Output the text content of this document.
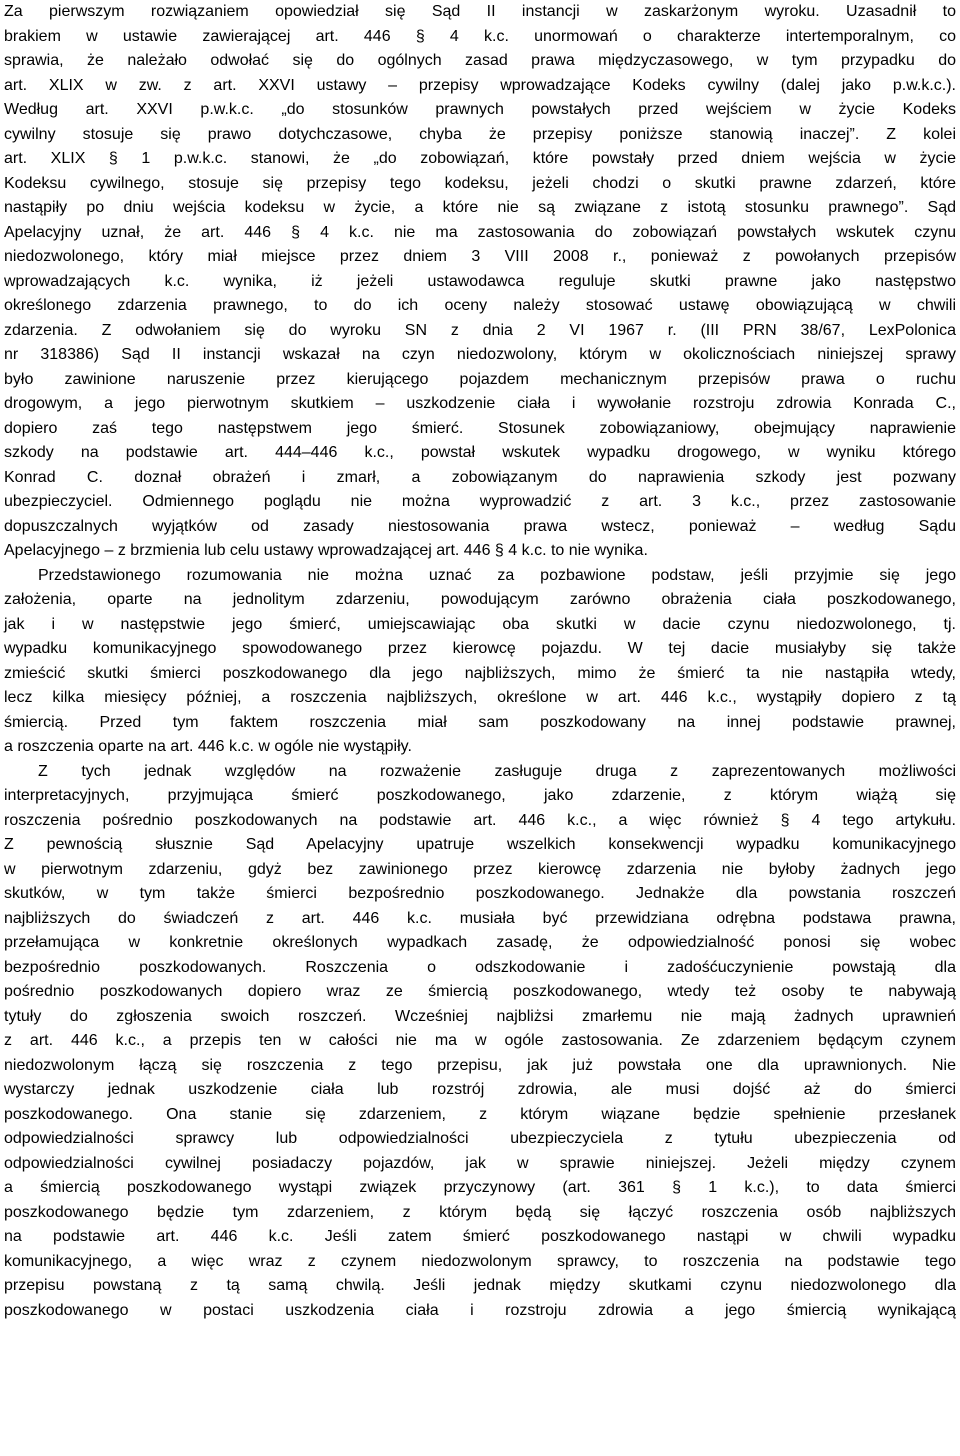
Za pierwszym rozwiązaniem opowiedział się Sąd II instancji w zaskarżonym wyroku. Uzasadnił to
brakiem w ustawie zawierającej art. 446 § 4 k.c. unormowań o charakterze intertemporalnym, co
sprawia, że należało odwołać się do ogólnych zasad prawa międzyczasowego, w tym przypadku do
art. XLIX w zw. z art. XXVI ustawy – przepisy wprowadzające Kodeks cywilny (dalej jako p.w.k.c.).
Według art. XXVI p.w.k.c. „do stosunków prawnych powstałych przed wejściem w życie Kodeks
cywilny stosuje się prawo dotychczasowe, chyba że przepisy poniższe stanowią inaczej”. Z kolei
art. XLIX § 1 p.w.k.c. stanowi, że „do zobowiązań, które powstały przed dniem wejścia w życie
Kodeksu cywilnego, stosuje się przepisy tego kodeksu, jeżeli chodzi o skutki prawne zdarzeń, które
nastąpiły po dniu wejścia kodeksu w życie, a które nie są związane z istotą stosunku prawnego”. Sąd
Apelacyjny uznał, że art. 446 § 4 k.c. nie ma zastosowania do zobowiązań powstałych wskutek czynu
niedozwolonego, który miał miejsce przez dniem 3 VIII 2008 r., ponieważ z powołanych przepisów
wprowadzających k.c. wynika, iż jeżeli ustawodawca reguluje skutki prawne jako następstwo
określonego zdarzenia prawnego, to do ich oceny należy stosować ustawę obowiązującą w chwili
zdarzenia. Z odwołaniem się do wyroku SN z dnia 2 VI 1967 r. (III PRN 38/67, LexPolonica
nr 318386) Sąd II instancji wskazał na czyn niedozwolony, którym w okolicznościach niniejszej sprawy
było zawinione naruszenie przez kierującego pojazdem mechanicznym przepisów prawa o ruchu
drogowym, a jego pierwotnym skutkiem – uszkodzenie ciała i wywołanie rozstroju zdrowia Konrada C.,
dopiero zaś tego następstwem jego śmierć. Stosunek zobowiązaniowy, obejmujący naprawienie
szkody na podstawie art. 444–446 k.c., powstał wskutek wypadku drogowego, w wyniku którego
Konrad C. doznał obrażeń i zmarł, a zobowiązanym do naprawienia szkody jest pozwany
ubezpieczyciel. Odmiennego poglądu nie można wyprowadzić z art. 3 k.c., przez zastosowanie
dopuszczalnych wyjątków od zasady niestosowania prawa wstecz, ponieważ – według Sądu
Apelacyjnego – z brzmienia lub celu ustawy wprowadzającej art. 446 § 4 k.c. to nie wynika.
Przedstawionego rozumowania nie można uznać za pozbawione podstaw, jeśli przyjmie się jego
założenia, oparte na jednolitym zdarzeniu, powodującym zarówno obrażenia ciała poszkodowanego,
jak i w następstwie jego śmierć, umiejscawiając oba skutki w dacie czynu niedozwolonego, tj.
wypadku komunikacyjnego spowodowanego przez kierowcę pojazdu. W tej dacie musiałyby się także
zmieścić skutki śmierci poszkodowanego dla jego najbliższych, mimo że śmierć ta nie nastąpiła wtedy,
lecz kilka miesięcy później, a roszczenia najbliższych, określone w art. 446 k.c., wystąpiły dopiero z tą
śmiercią. Przed tym faktem roszczenia miał sam poszkodowany na innej podstawie prawnej,
a roszczenia oparte na art. 446 k.c. w ogóle nie wystąpiły.
Z tych jednak względów na rozważenie zasługuje druga z zaprezentowanych możliwości
interpretacyjnych, przyjmująca śmierć poszkodowanego, jako zdarzenie, z którym wiążą się
roszczenia pośrednio poszkodowanych na podstawie art. 446 k.c., a więc również § 4 tego artykułu.
Z pewnością słusznie Sąd Apelacyjny upatruje wszelkich konsekwencji wypadku komunikacyjnego
w pierwotnym zdarzeniu, gdyż bez zawinionego przez kierowcę zdarzenia nie byłoby żadnych jego
skutków, w tym także śmierci bezpośrednio poszkodowanego. Jednakże dla powstania roszczeń
najbliższych do świadczeń z art. 446 k.c. musiała być przewidziana odrębna podstawa prawna,
przełamująca w konkretnie określonych wypadkach zasadę, że odpowiedzialność ponosi się wobec
bezpośrednio poszkodowanych. Roszczenia o odszkodowanie i zadośćuczynienie powstają dla
pośrednio poszkodowanych dopiero wraz ze śmiercią poszkodowanego, wtedy też osoby te nabywają
tytuły do zgłoszenia swoich roszczeń. Wcześniej najbliżsi zmarłemu nie mają żadnych uprawnień
z art. 446 k.c., a przepis ten w całości nie ma w ogóle zastosowania. Ze zdarzeniem będącym czynem
niedozwolonym łączą się roszczenia z tego przepisu, jak już powstała one dla uprawnionych. Nie
wystarczy jednak uszkodzenie ciała lub rozstrój zdrowia, ale musi dojść aż do śmierci
poszkodowanego. Ona stanie się zdarzeniem, z którym wiązane będzie spełnienie przesłanek
odpowiedzialności sprawcy lub odpowiedzialności ubezpieczyciela z tytułu ubezpieczenia od
odpowiedzialności cywilnej posiadaczy pojazdów, jak w sprawie niniejszej. Jeżeli między czynem
a śmiercią poszkodowanego wystąpi związek przyczynowy (art. 361 § 1 k.c.), to data śmierci
poszkodowanego będzie tym zdarzeniem, z którym będą się łączyć roszczenia osób najbliższych
na podstawie art. 446 k.c. Jeśli zatem śmierć poszkodowanego nastąpi w chwili wypadku
komunikacyjnego, a więc wraz z czynem niedozwolonym sprawcy, to roszczenia na podstawie tego
przepisu powstaną z tą samą chwilą. Jeśli jednak między skutkami czynu niedozwolonego dla
poszkodowanego w postaci uszkodzenia ciała i rozstroju zdrowia a jego śmiercią wynikającą
